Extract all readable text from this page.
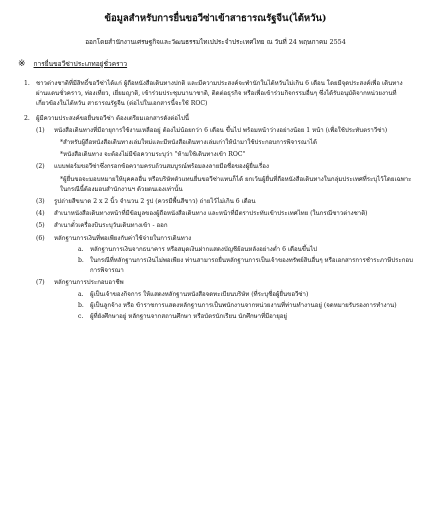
ข้อมูลสำหรับการยื่นขอวีซ่าเข้าสาธารณรัฐจีน(ไต้หวัน)
ออกโดยสำนักงานเศรษฐกิจและวัฒนธรรมไทเปประจำประเทศไทย ณ วันที่ 24 พฤษภาคม 2554
※ การยื่นขอวีซ่าประเภทอยู่ชั่วคราว
1.	ชาวต่างชาติที่มีสิทธิ์ขอวีซ่าได้แก่ ผู้ถือหนังสือเดินทางปกติ และมีความประสงค์จะพำนักในไต้หวันไม่เกิน 6 เดือน โดยมีจุดประสงค์เพื่อ เดินทางผ่านแดนชั่วคราว, ท่องเที่ยว, เยี่ยมญาติ, เข้าร่วมประชุมนานาชาติ, ติดต่อธุรกิจ หรือเพื่อเข้าร่วมกิจกรรมอื่นๆ ซึ่งได้รับอนุมัติจากหน่วยงานที่เกี่ยวข้องในไต้หวัน สาธารณรัฐจีน (ต่อไปในเอกสารนี้จะใช้ ROC)
2.	ผู้มีความประสงค์ขอยื่นขอวีซ่า ต้องเตรียมเอกสารดังต่อไปนี้
(1)	หนังสือเดินทางที่มีอายุการใช้งานเหลืออยู่ ต้องไม่น้อยกว่า 6 เดือน ขึ้นไป พร้อมหน้าว่างอย่างน้อย 1 หน้า (เพื่อใช้ประทับตราวีซ่า)
*สำหรับผู้ถือหนังสือเดินทางเล่มใหม่และมีหนังสือเดินทางเล่มเก่าให้นำมาใช้ประกอบการพิจารณาได้
*หนังสือเดินทาง จะต้องไม่มีข้อความระบุว่า "ห้ามใช้เดินทางเข้า ROC"
(2)	แบบฟอร์มขอวีซ่าซึ่งกรอกข้อความครบถ้วนสมบูรณ์พร้อมลงลายมือชื่อของผู้ยื่นเรื่อง
*ผู้ยื่นขอจะมอบหมายให้บุคคลอื่น หรือบริษัทตัวแทนยื่นขอวีซ่าแทนก็ได้ ยกเว้นผู้ยื่นที่ถือหนังสือเดินทางในกลุ่มประเทศที่ระบุไว้โดยเฉพาะ ในกรณีนี้ต้องมอบสำนักงานฯ ด้วยตนเองเท่านั้น
(3)	รูปถ่ายสีขนาด 2 x 2 นิ้ว จำนวน 2 รูป (ควรมีพื้นสีขาว) ถ่ายไว้ไม่เกิน 6 เดือน
(4)	สำเนาหนังสือเดินทางหน้าที่มีข้อมูลของผู้ถือหนังสือเดินทาง และหน้าที่มีตราประทับเข้าประเทศไทย (ในกรณีชาวต่างชาติ)
(5)	สำเนาตั๋วเครื่องบินระบุวันเดินทางเข้า - ออก
(6)	หลักฐานการเงินที่พอเพียงกับค่าใช้จ่ายในการเดินทาง
a.	หลักฐานการเงินจากธนาคาร หรือสมุดเงินฝากแสดงบัญชีย้อนหลังอย่างต่ำ 6 เดือนขึ้นไป
b.	ในกรณีที่หลักฐานการเงินไม่พอเพียง ท่านสามารถยื่นหลักฐานการเป็นเจ้าของทรัพย์สินอื่นๆ หรือเอกสารการชำระภาษีประกอบการพิจารณา
(7)	หลักฐานการประกอบอาชีพ
a.	ผู้เป็นเจ้าของกิจการ ให้แสดงหลักฐานหนังสือจดทะเบียนบริษัท (ที่ระบุชื่อผู้ยื่นขอวีซ่า)
b.	ผู้เป็นลูกจ้าง หรือ ข้าราชการแสดงหลักฐานการเป็นพนักงานจากหน่วยงานที่ท่านทำงานอยู่ (จดหมายรับรองการทำงาน)
c.	ผู้ที่ยังศึกษาอยู่ หลักฐานจากสถานศึกษา หรือบัตรนักเรียน นักศึกษาที่มีอายุอยู่
